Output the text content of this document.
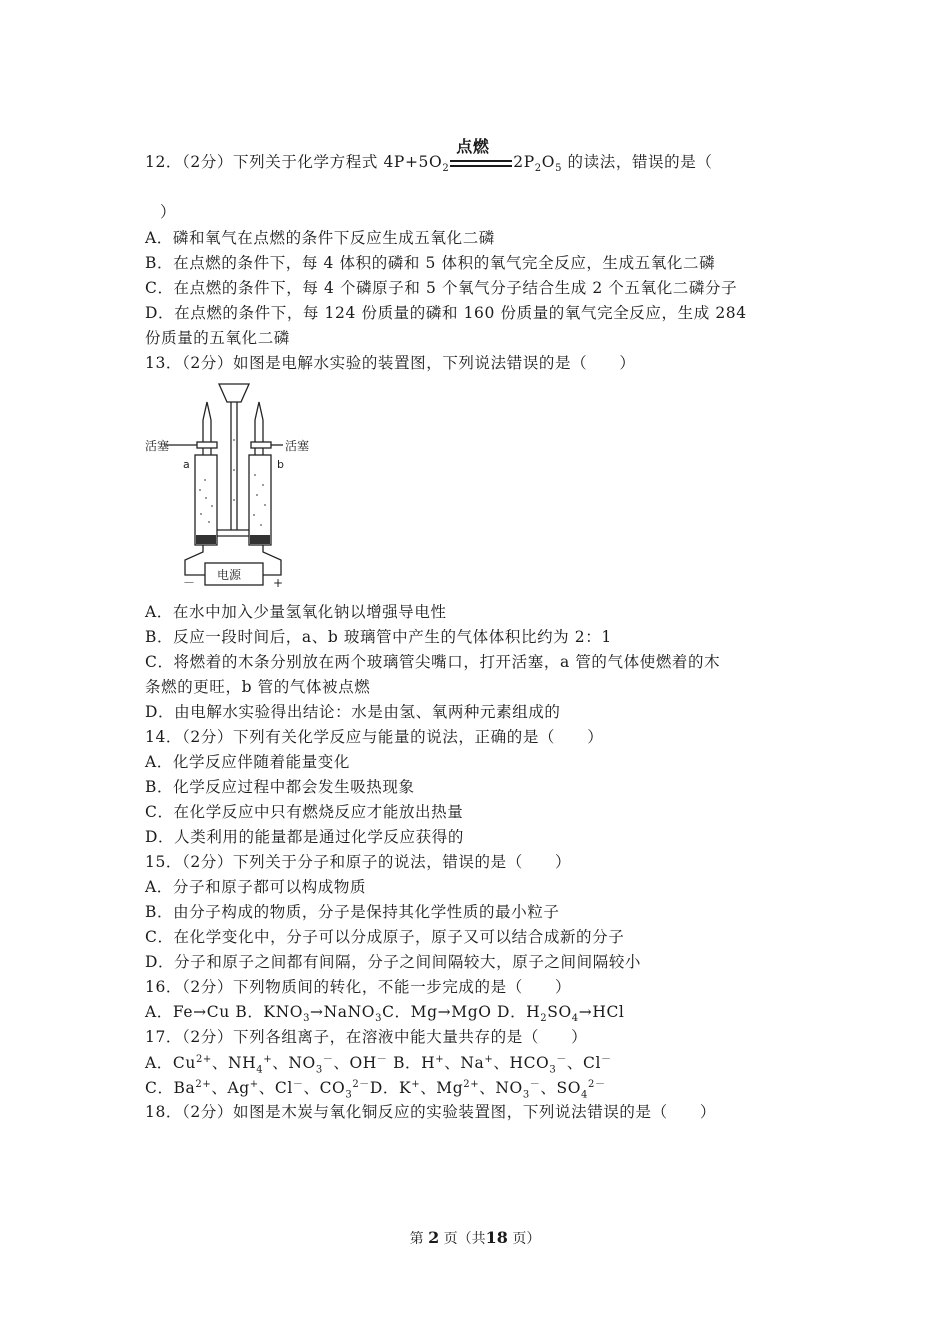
12．（2分）下列关于化学方程式 $4P+5O_2$
点燃
$2P_2O_5$ 的读法，错误的是（
）
A．磷和氧气在点燃的条件下反应生成五氧化二磷
B．在点燃的条件下，每 4 体积的磷和 5 体积的氧气完全反应，生成五氧化二磷
C．在点燃的条件下，每 4 个磷原子和 5 个氧气分子结合生成 2 个五氧化二磷分子
D．在点燃的条件下，每 124 份质量的磷和 160 份质量的氧气完全反应，生成 284
份质量的五氧化二磷
13．（2分）如图是电解水实验的装置图，下列说法错误的是（　　）
活塞	活塞
a	b
电源
－	+
A．在水中加入少量氢氧化钠以增强导电性
B．反应一段时间后，a、b 玻璃管中产生的气体体积比约为 2：1
C．将燃着的木条分别放在两个玻璃管尖嘴口，打开活塞，a 管的气体使燃着的木
条燃的更旺，b 管的气体被点燃
D．由电解水实验得出结论：水是由氢、氧两种元素组成的
14．（2分）下列有关化学反应与能量的说法，正确的是（　　）
A．化学反应伴随着能量变化
B．化学反应过程中都会发生吸热现象
C．在化学反应中只有燃烧反应才能放出热量
D．人类利用的能量都是通过化学反应获得的
15．（2分）下列关于分子和原子的说法，错误的是（　　）
A．分子和原子都可以构成物质
B．由分子构成的物质，分子是保持其化学性质的最小粒子
C．在化学变化中，分子可以分成原子，原子又可以结合成新的分子
D．分子和原子之间都有间隔，分子之间间隔较大，原子之间间隔较小
16．（2分）下列物质间的转化，不能一步完成的是（　　）
A．Fe→Cu B．$KNO_3\to NaNO_3C$．Mg→MgO D．$H_2SO_4\to HCl$
17．（2分）下列各组离子，在溶液中能大量共存的是（　　）
A．$Cu^{2+}$、$NH_4^+$、$NO_3^-$、OH－ B．H+、Na+、$HCO_3^-$、Cl－
C．$Ba^{2+}$、Ag+、Cl－、$CO_3^{2-}D$．K+、$Mg^{2+}$、$NO_3^-$、$SO_4^{2-}$
18．（2分）如图是木炭与氧化铜反应的实验装置图，下列说法错误的是（　　）
第 2 页（共18 页）
